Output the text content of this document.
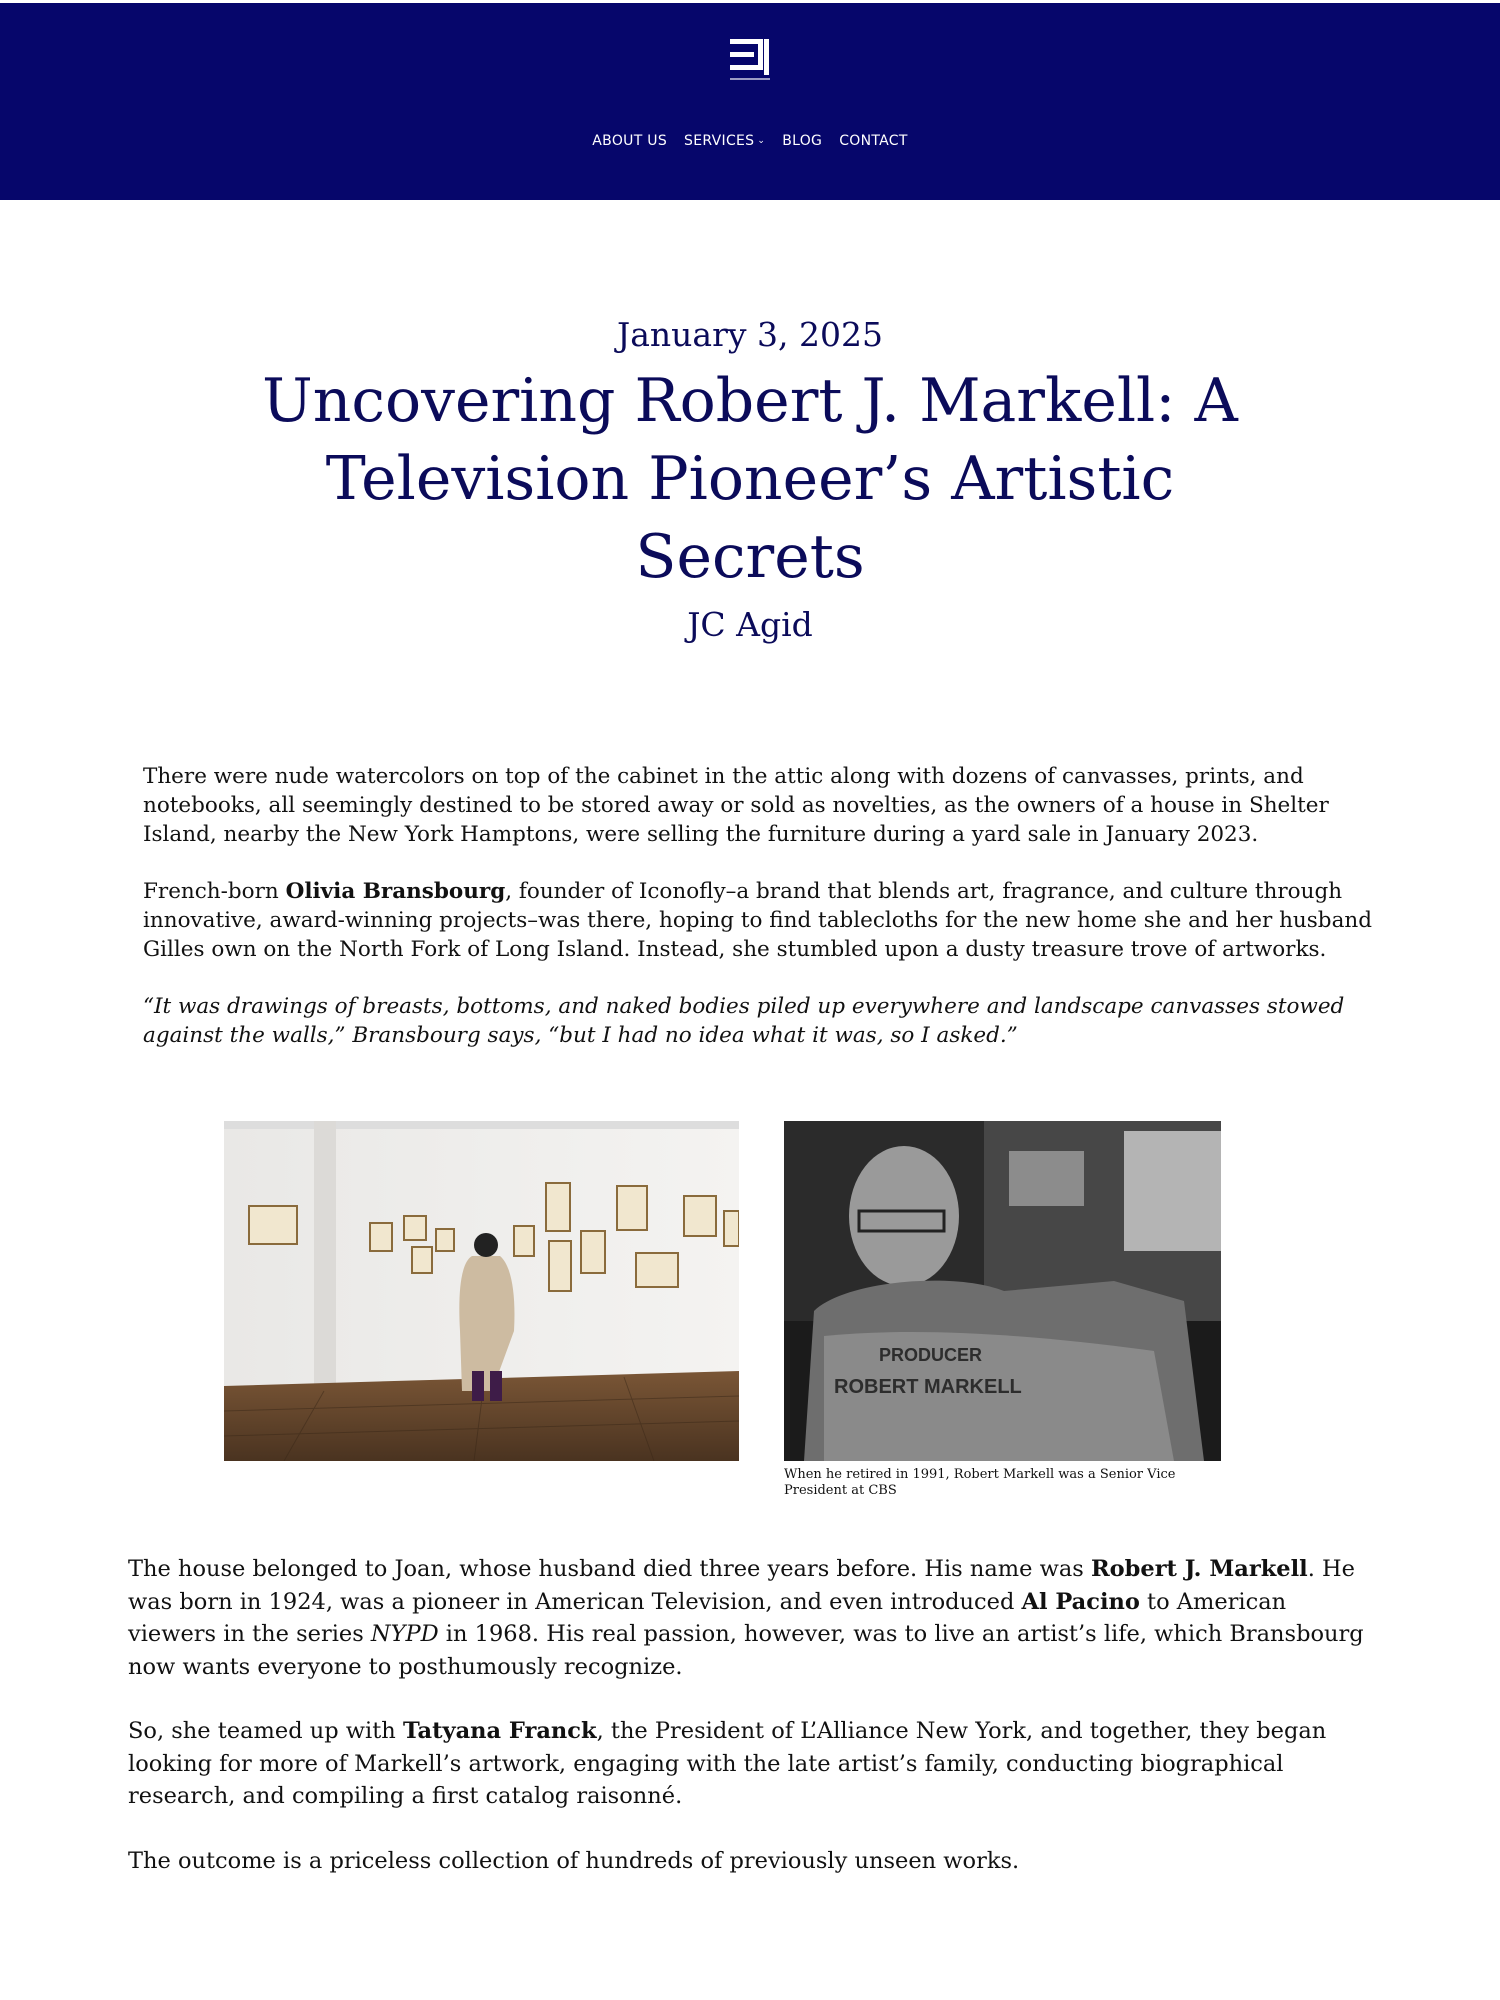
ABOUT US SERVICES ⌄ BLOG CONTACT
January 3, 2025
Uncovering Robert J. Markell: A Television Pioneer’s Artistic Secrets
JC Agid

There were nude watercolors on top of the cabinet in the attic along with dozens of canvasses, prints, and notebooks, all seemingly destined to be stored away or sold as novelties, as the owners of a house in Shelter Island, nearby the New York Hamptons, were selling the furniture during a yard sale in January 2023.

French-born Olivia Bransbourg, founder of Iconofly–a brand that blends art, fragrance, and culture through innovative, award-winning projects–was there, hoping to find tablecloths for the new home she and her husband Gilles own on the North Fork of Long Island. Instead, she stumbled upon a dusty treasure trove of artworks.

“It was drawings of breasts, bottoms, and naked bodies piled up everywhere and landscape canvasses stowed against the walls,” Bransbourg says, “but I had no idea what it was, so I asked.”

PRODUCER
ROBERT MARKELL
When he retired in 1991, Robert Markell was a Senior Vice President at CBS

The house belonged to Joan, whose husband died three years before. His name was Robert J. Markell. He was born in 1924, was a pioneer in American Television, and even introduced Al Pacino to American viewers in the series NYPD in 1968. His real passion, however, was to live an artist’s life, which Bransbourg now wants everyone to posthumously recognize.

So, she teamed up with Tatyana Franck, the President of L’Alliance New York, and together, they began looking for more of Markell’s artwork, engaging with the late artist’s family, conducting biographical research, and compiling a first catalog raisonné.

The outcome is a priceless collection of hundreds of previously unseen works.
